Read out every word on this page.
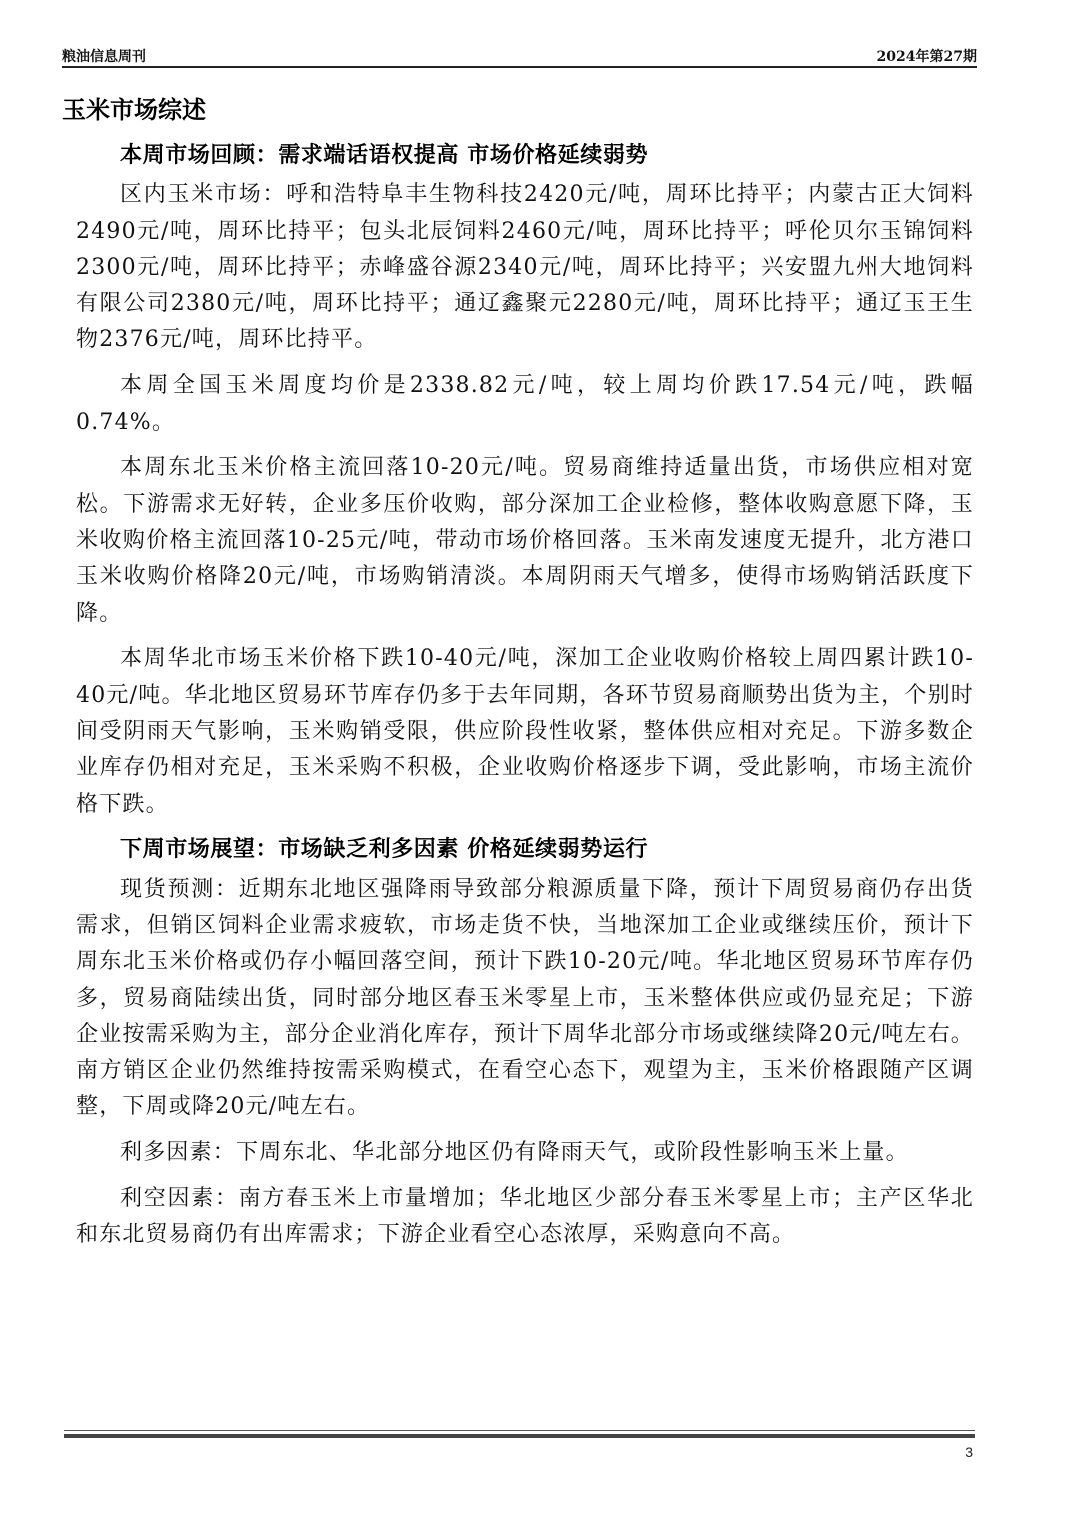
粮油信息周刊	2024年第27期
玉米市场综述

本周市场回顾：需求端话语权提高 市场价格延续弱势

区内玉米市场：呼和浩特阜丰生物科技2420元/吨，周环比持平；内蒙古正大饲料2490元/吨，周环比持平；包头北辰饲料2460元/吨，周环比持平；呼伦贝尔玉锦饲料2300元/吨，周环比持平；赤峰盛谷源2340元/吨，周环比持平；兴安盟九州大地饲料有限公司2380元/吨，周环比持平；通辽鑫聚元2280元/吨，周环比持平；通辽玉王生物2376元/吨，周环比持平。

本周全国玉米周度均价是2338.82元/吨，较上周均价跌17.54元/吨，跌幅0.74%。

本周东北玉米价格主流回落10-20元/吨。贸易商维持适量出货，市场供应相对宽松。下游需求无好转，企业多压价收购，部分深加工企业检修，整体收购意愿下降，玉米收购价格主流回落10-25元/吨，带动市场价格回落。玉米南发速度无提升，北方港口玉米收购价格降20元/吨，市场购销清淡。本周阴雨天气增多，使得市场购销活跃度下降。

本周华北市场玉米价格下跌10-40元/吨，深加工企业收购价格较上周四累计跌10-40元/吨。华北地区贸易环节库存仍多于去年同期，各环节贸易商顺势出货为主，个别时间受阴雨天气影响，玉米购销受限，供应阶段性收紧，整体供应相对充足。下游多数企业库存仍相对充足，玉米采购不积极，企业收购价格逐步下调，受此影响，市场主流价格下跌。

下周市场展望：市场缺乏利多因素 价格延续弱势运行

现货预测：近期东北地区强降雨导致部分粮源质量下降，预计下周贸易商仍存出货需求，但销区饲料企业需求疲软，市场走货不快，当地深加工企业或继续压价，预计下周东北玉米价格或仍存小幅回落空间，预计下跌10-20元/吨。华北地区贸易环节库存仍多，贸易商陆续出货，同时部分地区春玉米零星上市，玉米整体供应或仍显充足；下游企业按需采购为主，部分企业消化库存，预计下周华北部分市场或继续降20元/吨左右。南方销区企业仍然维持按需采购模式，在看空心态下，观望为主，玉米价格跟随产区调整，下周或降20元/吨左右。

利多因素：下周东北、华北部分地区仍有降雨天气，或阶段性影响玉米上量。

利空因素：南方春玉米上市量增加；华北地区少部分春玉米零星上市；主产区华北和东北贸易商仍有出库需求；下游企业看空心态浓厚，采购意向不高。

3
